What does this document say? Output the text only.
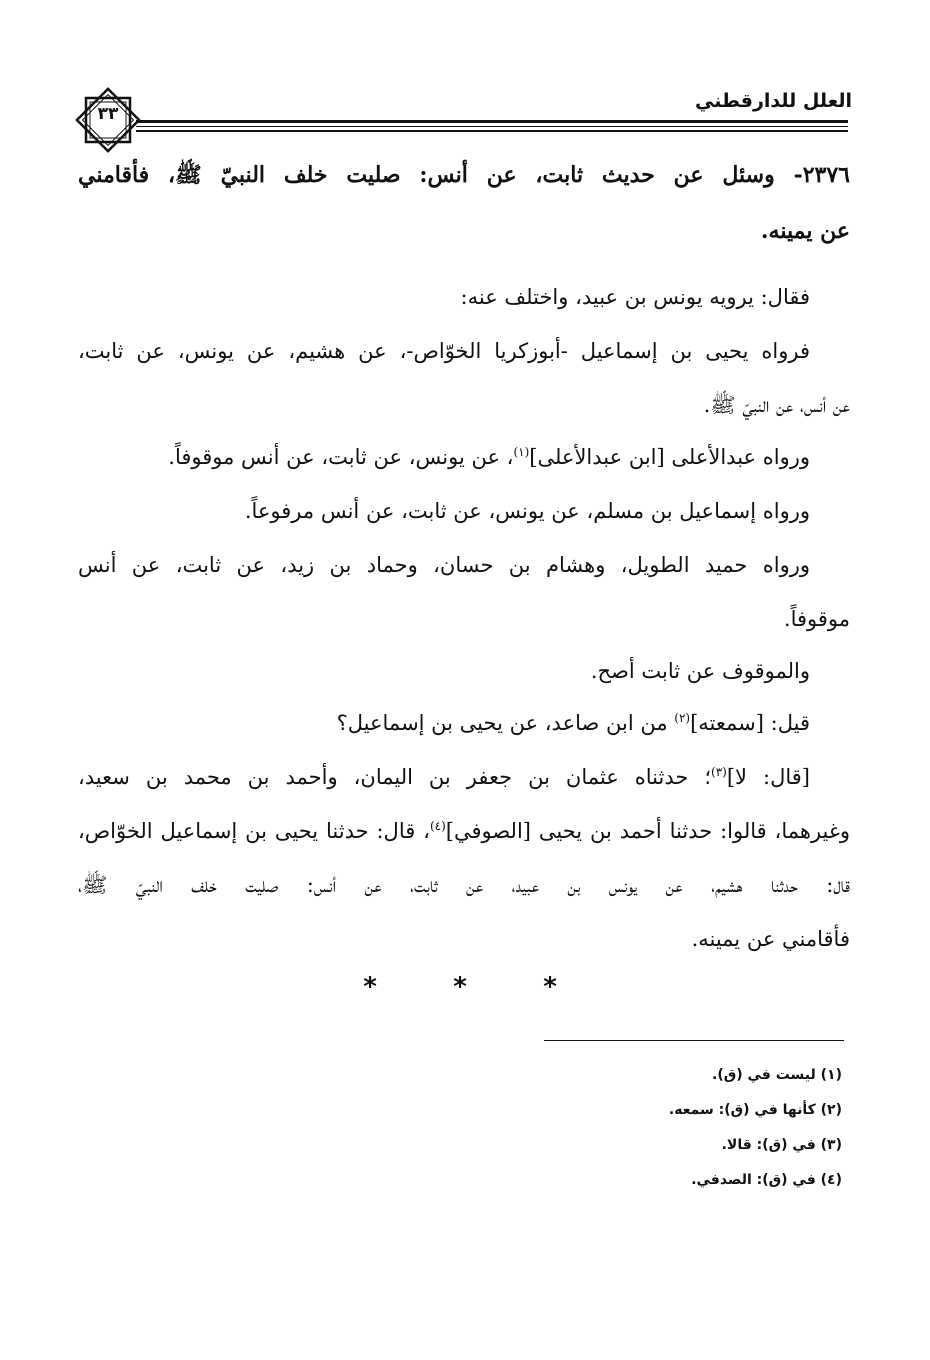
العلل للدارقطني
٣٣
٢٣٧٦- وسئل عن حديث ثابت، عن أنس: صليت خلف النبيّ ﷺ، فأقامني
عن يمينه.
فقال: يرويه يونس بن عبيد، واختلف عنه:
فرواه يحيى بن إسماعيل -أبوزكريا الخوّاص-، عن هشيم، عن يونس، عن ثابت،
عن أنس، عن النبيّ ﷺ.
ورواه عبدالأعلى [ابن عبدالأعلى]$^{(١)}$، عن يونس، عن ثابت، عن أنس موقوفاً.
ورواه إسماعيل بن مسلم، عن يونس، عن ثابت، عن أنس مرفوعاً.
ورواه حميد الطويل، وهشام بن حسان، وحماد بن زيد، عن ثابت، عن أنس
موقوفاً.
والموقوف عن ثابت أصح.
قيل: [سمعته]$^{(٢)}$ من ابن صاعد، عن يحيى بن إسماعيل؟
[قال: لا]$^{(٣)}$؛ حدثناه عثمان بن جعفر بن اليمان، وأحمد بن محمد بن سعيد،
وغيرهما، قالوا: حدثنا أحمد بن يحيى [الصوفي]$^{(٤)}$، قال: حدثنا يحيى بن إسماعيل الخوّاص،
قال: حدثنا هشيم، عن يونس بن عبيد، عن ثابت، عن أنس: صليت خلف النبيّ ﷺ،
فأقامني عن يمينه.
*	*	*
(١) ليست في (ق).
(٢) كأنها في (ق): سمعه.
(٣) في (ق): قالا.
(٤) في (ق): الصدفي.
